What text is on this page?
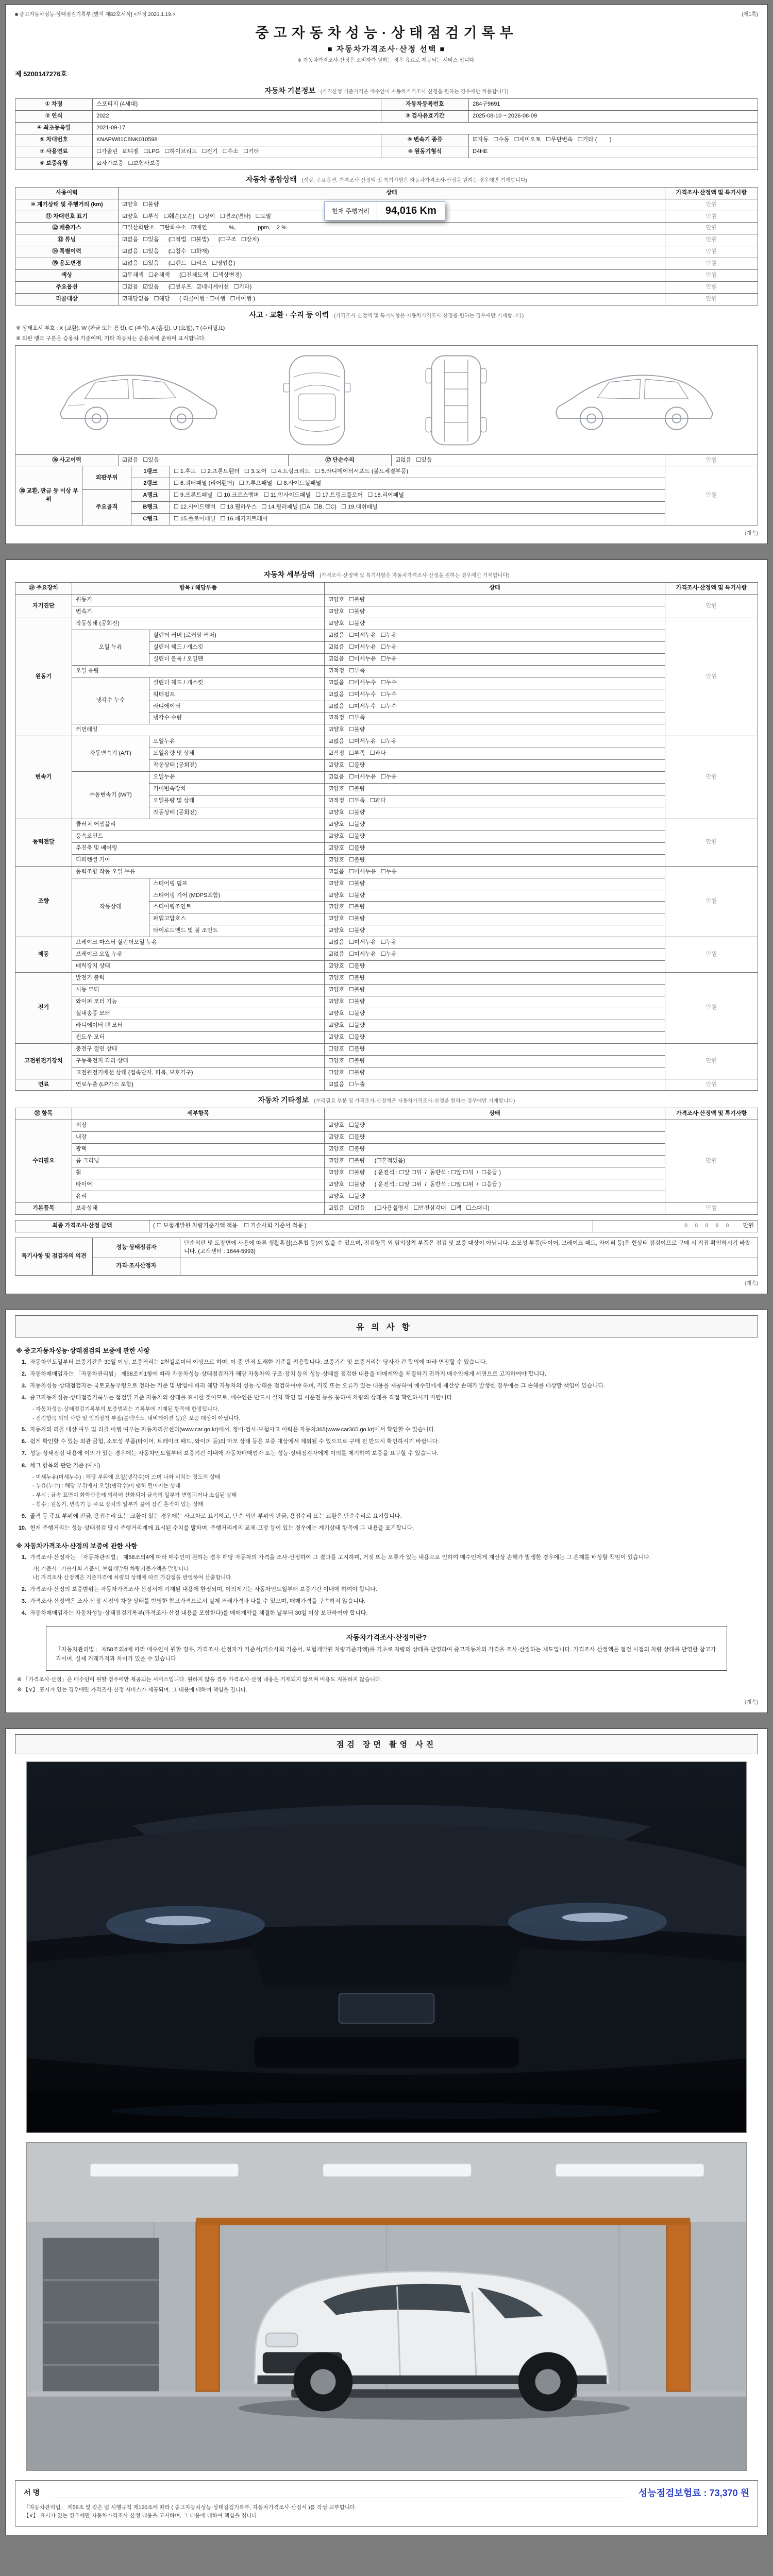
■ 중고자동차성능·상태점검기록부 [별지 제82호서식] <개정 2021.1.19.>	(제1쪽)
중고자동차성능·상태점검기록부
■ 자동차가격조사·산정 선택 ■
※ 자동차가격조사·산정은 소비자가 원하는 경우 유료로 제공되는 서비스 입니다.
제 5200147276호
자동차 기본정보 (가격산정 기준가격은 매수인이 자동차가격조사·산정을 원하는 경우에만 적용합니다)
① 차명	스포티지 (4세대)	자동차등록번호	284구9691
② 연식	2022	③ 검사유효기간	2025-08-10 ~ 2026-08-09
④ 최초등록일	2021-09-17		
⑤ 차대번호	KNAPW81C8NK010598	⑥ 변속기 종류	☑자동   ☐수동   ☐세미오토   ☐무단변속   ☐기타 (        )
⑦ 사용연료	☐가솔린   ☑디젤   ☐LPG   ☐하이브리드   ☐전기   ☐수소   ☐기타	⑧ 원동기형식	D4HE
⑨ 보증유형	☑자가보증   ☐보험사보증		
자동차 종합상태 (색상, 주요옵션, 가격조사·산정액 및 특기사항은 자동차가격조사·산정을 원하는 경우에만 기재합니다)
사용이력	상태	가격조사·산정액 및 특기사항
⑩ 계기상태 및 주행거리 (km)	☑양호   ☐불량	만원
⑪ 차대번호 표기	☑양호   ☐부식   ☐훼손(오손)   ☐상이   ☐변조(변타)   ☐도말	만원
⑫ 배출가스	☐일산화탄소   ☐탄화수소   ☑매연              %,              ppm,    2 %	만원
⑬ 튜닝	☑없음   ☐있음      (☐적법   ☐불법)      (☐구조   ☐장치)	만원
⑭ 특별이력	☑없음   ☐있음      (☐침수   ☐화재)	만원
⑮ 용도변경	☑없음   ☐있음      (☐렌트   ☐리스   ☐영업용)	만원
색상	☑무채색   ☐유채색      (☐전체도색   ☐색상변경)	만원
주요옵션	☐없음   ☑있음      (☐썬루프   ☑네비게이션   ☐기타)	만원
리콜대상	☑해당없음   ☐해당      ( 리콜이행 : ☐이행   ☐미이행 )	만원
현재 주행거리	94,016 Km
사고 · 교환 · 수리 등 이력 (가격조사·산정액 및 특기사항은 자동차가격조사·산정을 원하는 경우에만 기재합니다)
※ 상태표시 부호 : X (교환), W (판금 또는 용접), C (부식), A (흠집), U (요철), T (수리필요)
※ 외판 랭크 구분은 승용차 기준이며, 기타 자동차는 승용차에 준하여 표시합니다.
⑯ 사고이력	☑없음   ☐있음	⑰ 단순수리	☑없음   ☐있음	만원
⑱ 교환, 판금 등 이상 부위	외판부위	1랭크	☐ 1.후드   ☐ 2.프론트휀더   ☐ 3.도어   ☐ 4.트렁크리드   ☐ 5.라디에이터서포트 (볼트체결부품)	만원
		2랭크	☐ 6.쿼터패널 (리어휀더)   ☐ 7.루프패널   ☐ 8.사이드실패널	
	주요골격	A랭크	☐ 9.프론트패널   ☐ 10.크로스멤버   ☐ 11.인사이드패널   ☐ 17.트렁크플로어   ☐ 18.리어패널	
		B랭크	☐ 12.사이드멤버   ☐ 13.휠하우스   ☐ 14.필러패널 (☐A, ☐B, ☐C)   ☐ 19.대쉬패널	
		C랭크	☐ 15.플로어패널   ☐ 16.패키지트레이	
(계속)
자동차 세부상태 (가격조사·산정액 및 특기사항은 자동차가격조사·산정을 원하는 경우에만 기재합니다)
⑲ 주요장치	항목 / 해당부품		상태	가격조사·산정액 및 특기사항
자기진단	원동기		☑양호   ☐불량	만원
	변속기		☑양호   ☐불량	
원동기	작동상태 (공회전)		☑양호   ☐불량	만원
	오일 누유	실린더 커버 (로커암 커버)	☑없음   ☐미세누유   ☐누유	
		실린더 헤드 / 개스킷	☑없음   ☐미세누유   ☐누유	
		실린더 블록 / 오일팬	☑없음   ☐미세누유   ☐누유	
	오일 유량		☑적정   ☐부족	
	냉각수 누수	실린더 헤드 / 개스킷	☑없음   ☐미세누수   ☐누수	
		워터펌프	☑없음   ☐미세누수   ☐누수	
		라디에이터	☑없음   ☐미세누수   ☐누수	
		냉각수 수량	☑적정   ☐부족	
	커먼레일		☑양호   ☐불량	
변속기	자동변속기 (A/T)	오일누유	☑없음   ☐미세누유   ☐누유	만원
		오일유량 및 상태	☑적정   ☐부족   ☐과다	
		작동상태 (공회전)	☑양호   ☐불량	
	수동변속기 (M/T)	오일누유	☑없음   ☐미세누유   ☐누유	
		기어변속장치	☑양호   ☐불량	
		오일유량 및 상태	☑적정   ☐부족   ☐과다	
		작동상태 (공회전)	☑양호   ☐불량	
동력전달	클러치 어셈블리		☑양호   ☐불량	만원
	등속조인트		☑양호   ☐불량	
	추진축 및 베어링		☑양호   ☐불량	
	디퍼렌셜 기어		☑양호   ☐불량	
조향	동력조향 작동 오일 누유		☑없음   ☐미세누유   ☐누유	만원
	작동상태	스티어링 펌프	☑양호   ☐불량	
		스티어링 기어 (MDPS포함)	☑양호   ☐불량	
		스티어링조인트	☑양호   ☐불량	
		파워고압호스	☑양호   ☐불량	
		타이로드엔드 및 볼 조인트	☑양호   ☐불량	
제동	브레이크 마스터 실린더오일 누유		☑없음   ☐미세누유   ☐누유	만원
	브레이크 오일 누유		☑없음   ☐미세누유   ☐누유	
	배력장치 상태		☑양호   ☐불량	
전기	발전기 출력		☑양호   ☐불량	만원
	시동 모터		☑양호   ☐불량	
	와이퍼 모터 기능		☑양호   ☐불량	
	실내송풍 모터		☑양호   ☐불량	
	라디에이터 팬 모터		☑양호   ☐불량	
	윈도우 모터		☑양호   ☐불량	
고전원전기장치	충전구 절연 상태		☐양호   ☐불량	만원
	구동축전지 격리 상태		☐양호   ☐불량	
	고전원전기배선 상태 (접속단자, 피복, 보호기구)		☐양호   ☐불량	
연료	연료누출 (LP가스 포함)		☑없음   ☐누출	만원
자동차 기타정보 (수리필요 부분 및 가격조사·산정액은 자동차가격조사·산정을 원하는 경우에만 기재합니다)
⑳ 항목	세부항목	상태	가격조사·산정액 및 특기사항
수리필요	외장	☑양호   ☐불량	만원
	내장	☑양호   ☐불량	
	광택	☑양호   ☐불량	
	룸 크리닝	☑양호   ☐불량      (☐흔적있음)	
	휠	☑양호   ☐불량      ( 운전석 : ☐앞 ☐뒤  /  동반석 : ☐앞 ☐뒤  /  ☐응급 )	
	타이어	☑양호   ☐불량      ( 운전석 : ☐앞 ☐뒤  /  동반석 : ☐앞 ☐뒤  /  ☐응급 )	
	유리	☑양호   ☐불량	
기본품목	보유상태	☑있음   ☐없음      (☐사용설명서   ☐안전삼각대   ☐잭   ☐스패너)	만원
최종 가격조사·산정 금액	( ☐ 보험개발원 차량기준가액 적용    ☐ 기술사회 기준서 적용 )	00000 만원
특기사항 및 점검자의 의견	성능·상태점검자	단순외판 및 도장면에 사용에 따른 생활흠집(스톤칩 등)이 있을 수 있으며, 점검항목 외 임의장착 부품은 점검 및 보증 대상이 아닙니다. 소모성 부품(타이어, 브레이크 패드, 와이퍼 등)은 현상태 점검이므로 구매 시 직접 확인하시기 바랍니다. (고객센터 : 1644-5993)
	가격·조사산정자	
(계속)
유의사항
※ 중고자동차성능·상태점검의 보증에 관한 사항
1. 자동차인도일부터 보증기간은 30일 이상, 보증거리는 2천킬로미터 이상으로 하며, 이 중 먼저 도래한 기준을 적용합니다. 보증기간 및 보증거리는 당사자 간 합의에 따라 연장할 수 있습니다.
2. 자동차매매업자는 「자동차관리법」 제58조제1항에 따라 자동차성능·상태점검자가 해당 자동차의 구조·장치 등의 성능·상태를 점검한 내용을 매매계약을 체결하기 전까지 매수인에게 서면으로 고지하여야 합니다.
3. 자동차성능·상태점검자는 국토교통부령으로 정하는 기준 및 방법에 따라 해당 자동차의 성능·상태를 점검하여야 하며, 거짓 또는 오류가 있는 내용을 제공하여 매수인에게 재산상 손해가 발생한 경우에는 그 손해를 배상할 책임이 있습니다.
4. 중고자동차성능·상태점검기록부는 점검일 기준 자동차의 상태를 표시한 것이므로, 매수인은 반드시 실차 확인 및 시운전 등을 통하여 차량의 상태를 직접 확인하시기 바랍니다.
- 자동차성능·상태점검기록부의 보증범위는 기록부에 기재된 항목에 한정됩니다.
- 점검항목 외의 사항 및 임의장착 부품(블랙박스, 내비게이션 등)은 보증 대상이 아닙니다.
5. 자동차의 리콜 대상 여부 및 리콜 이행 여부는 자동차리콜센터(www.car.go.kr)에서, 정비·검사·보험사고 이력은 자동차365(www.car365.go.kr)에서 확인할 수 있습니다.
6. 쉽게 확인할 수 있는 외관 긁힘, 소모성 부품(타이어, 브레이크 패드, 와이퍼 등)의 마모 상태 등은 보증 대상에서 제외될 수 있으므로 구매 전 반드시 확인하시기 바랍니다.
7. 성능·상태점검 내용에 이의가 있는 경우에는 자동차인도일부터 보증기간 이내에 자동차매매업자 또는 성능·상태점검자에게 이의를 제기하여 보증을 요구할 수 있습니다.
8. 체크 항목의 판단 기준 (예시)
- 미세누유(미세누수) : 해당 부위에 오일(냉각수)이 스며 나와 비치는 정도의 상태
- 누유(누수) : 해당 부위에서 오일(냉각수)이 맺혀 떨어지는 상태
- 부식 : 금속 표면이 화학반응에 의하여 산화되어 금속의 일부가 변형되거나 소실된 상태
- 침수 : 원동기, 변속기 등 주요 장치의 일부가 물에 잠긴 흔적이 있는 상태
9. 골격 등 주요 부위에 판금, 용접수리 또는 교환이 있는 경우에는 사고차로 표기하고, 단순 외판 부위의 판금, 용접수리 또는 교환은 단순수리로 표기합니다.
10. 현재 주행거리는 성능·상태점검 당시 주행거리계에 표시된 수치를 말하며, 주행거리계의 교체·고장 등이 있는 경우에는 계기상태 항목에 그 내용을 표기합니다.
※ 자동차가격조사·산정의 보증에 관한 사항
1. 가격조사·산정자는 「자동차관리법」 제58조의4에 따라 매수인이 원하는 경우 해당 자동차의 가격을 조사·산정하여 그 결과를 고지하며, 거짓 또는 오류가 있는 내용으로 인하여 매수인에게 재산상 손해가 발생한 경우에는 그 손해를 배상할 책임이 있습니다.
가) 기준서 : 기술사회 기준서, 보험개발원 차량기준가액을 말합니다.
나) 가격조사·산정액은 기준가격에 차량의 상태에 따른 가감점을 반영하여 산출합니다.
2. 가격조사·산정의 보증범위는 자동차가격조사·산정서에 기재된 내용에 한정되며, 이의제기는 자동차인도일부터 보증기간 이내에 하여야 합니다.
3. 가격조사·산정액은 조사·산정 시점의 차량 상태를 반영한 참고가격으로서 실제 거래가격과 다를 수 있으며, 매매가격을 구속하지 않습니다.
4. 자동차매매업자는 자동차성능·상태점검기록부(가격조사·산정 내용을 포함한다)를 매매계약을 체결한 날부터 30일 이상 보관하여야 합니다.
자동차가격조사·산정이란?
「자동차관리법」 제58조의4에 따라 매수인이 원할 경우, 가격조사·산정자가 기준서(기술사회 기준서, 보험개발원 차량기준가액)를 기초로 차량의 상태를 반영하여 중고자동차의 가격을 조사·산정하는 제도입니다. 가격조사·산정액은 점검 시점의 차량 상태를 반영한 참고가격이며, 실제 거래가격과 차이가 있을 수 있습니다.
※ 「가격조사·산정」은 매수인이 원할 경우에만 제공되는 서비스입니다. 원하지 않을 경우 가격조사·산정 내용은 기재되지 않으며 비용도 지불하지 않습니다.
※ 【∨】 표시가 있는 경우에만 가격조사·산정 서비스가 제공되며, 그 내용에 대하여 책임을 집니다.
(계속)
점검 장면 촬영 사진
서명	성능점검보험료 : 73,370 원
「자동차관리법」 제58조 및 같은 법 시행규칙 제120조에 따라 ( 중고자동차성능·상태점검기록부, 자동차가격조사·산정서 )를 작성·교부합니다.
【∨】 표시가 있는 경우에만 자동차가격조사·산정 내용을 고지하며, 그 내용에 대하여 책임을 집니다.
